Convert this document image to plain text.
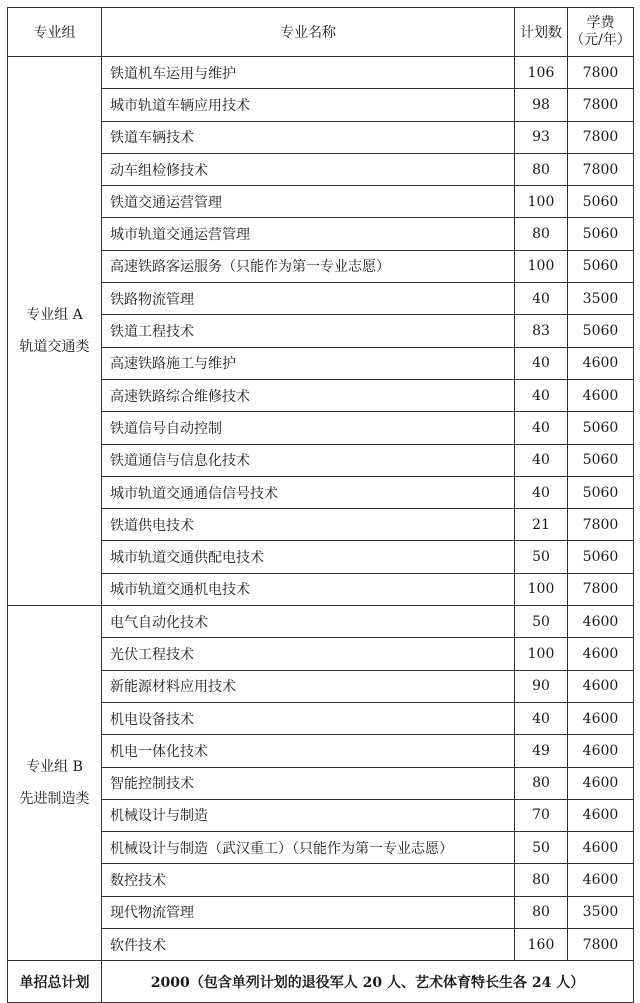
专业组	专业名称	计划数	学费
（元/年）
专业组 A
轨道交通类	铁道机车运用与维护	106	7800
	城市轨道车辆应用技术	98	7800
	铁道车辆技术	93	7800
	动车组检修技术	80	7800
	铁道交通运营管理	100	5060
	城市轨道交通运营管理	80	5060
	高速铁路客运服务（只能作为第一专业志愿）	100	5060
	铁路物流管理	40	3500
	铁道工程技术	83	5060
	高速铁路施工与维护	40	4600
	高速铁路综合维修技术	40	4600
	铁道信号自动控制	40	5060
	铁道通信与信息化技术	40	5060
	城市轨道交通通信信号技术	40	5060
	铁道供电技术	21	7800
	城市轨道交通供配电技术	50	5060
	城市轨道交通机电技术	100	7800
专业组 B
先进制造类	电气自动化技术	50	4600
	光伏工程技术	100	4600
	新能源材料应用技术	90	4600
	机电设备技术	40	4600
	机电一体化技术	49	4600
	智能控制技术	80	4600
	机械设计与制造	70	4600
	机械设计与制造（武汉重工）（只能作为第一专业志愿）	50	4600
	数控技术	80	4600
	现代物流管理	80	3500
	软件技术	160	7800
单招总计划	2000（包含单列计划的退役军人 20 人、艺术体育特长生各 24 人）		
